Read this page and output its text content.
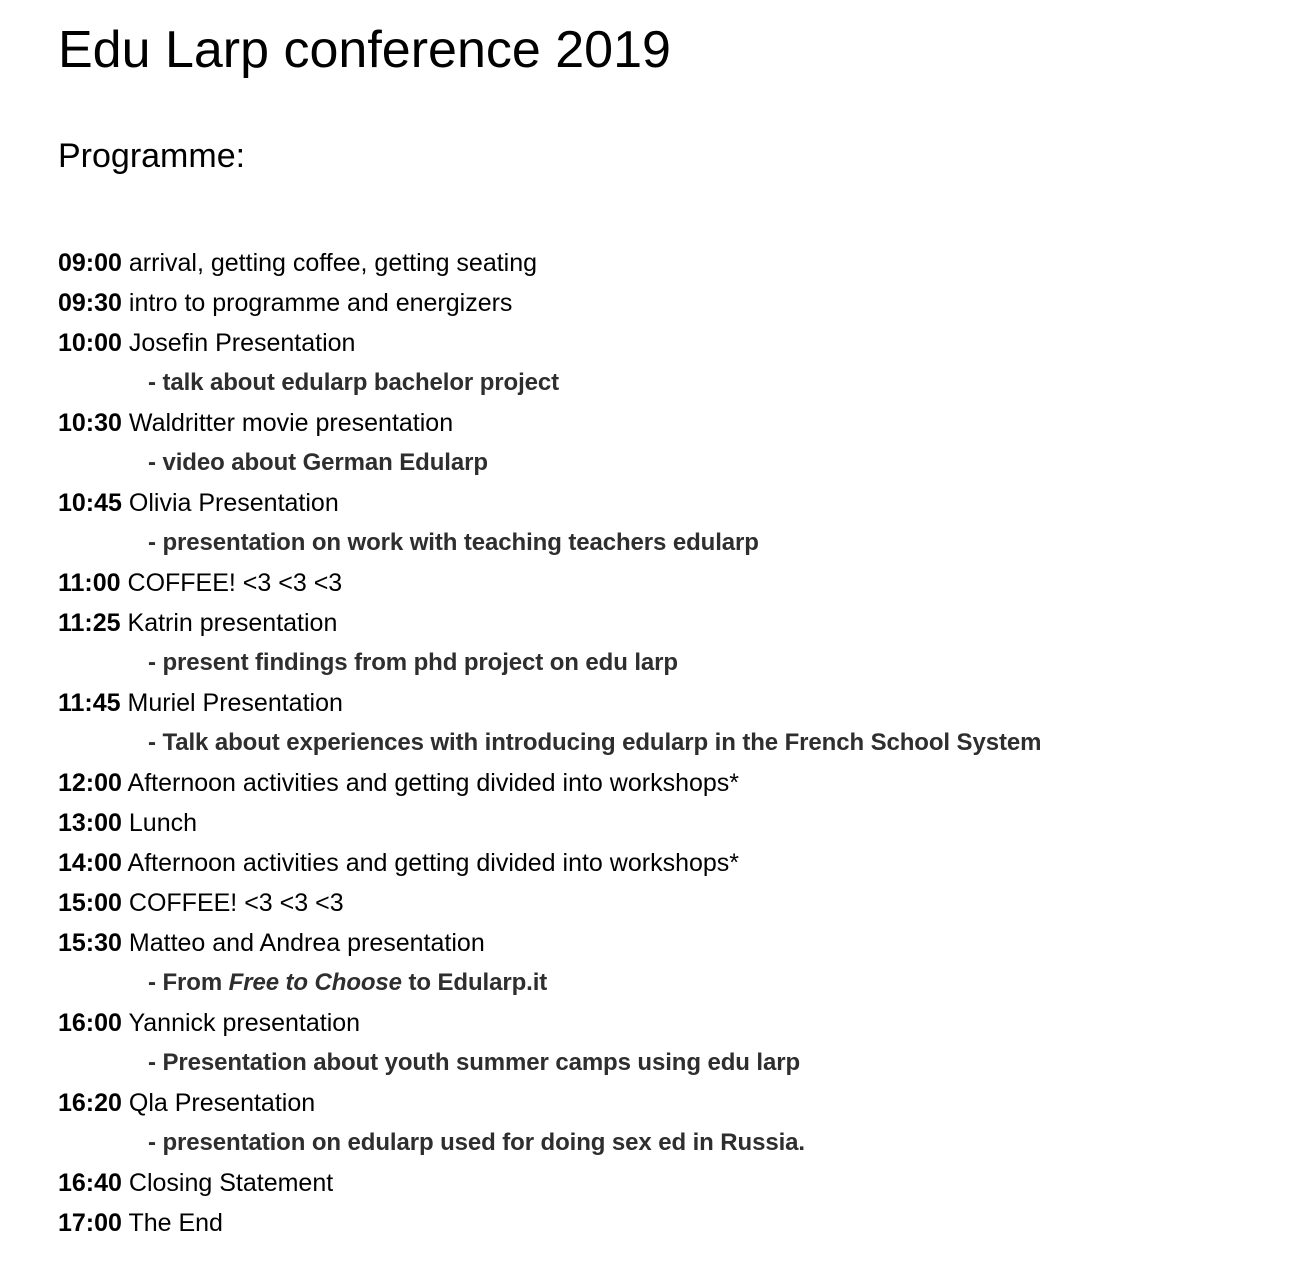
Edu Larp conference 2019
Programme:
09:00 arrival, getting coffee, getting seating
09:30 intro to programme and energizers
10:00 Josefin Presentation
- talk about edularp bachelor project
10:30 Waldritter movie presentation
- video about German Edularp
10:45 Olivia Presentation
- presentation on work with teaching teachers edularp
11:00 COFFEE! <3 <3 <3
11:25 Katrin presentation
- present findings from phd project on edu larp
11:45 Muriel Presentation
- Talk about experiences with introducing edularp in the French School System
12:00 Afternoon activities and getting divided into workshops*
13:00 Lunch
14:00 Afternoon activities and getting divided into workshops*
15:00 COFFEE! <3 <3 <3
15:30 Matteo and Andrea presentation
- From Free to Choose to Edularp.it
16:00 Yannick presentation
- Presentation about youth summer camps using edu larp
16:20 Qla Presentation
- presentation on edularp used for doing sex ed in Russia.
16:40 Closing Statement
17:00 The End
